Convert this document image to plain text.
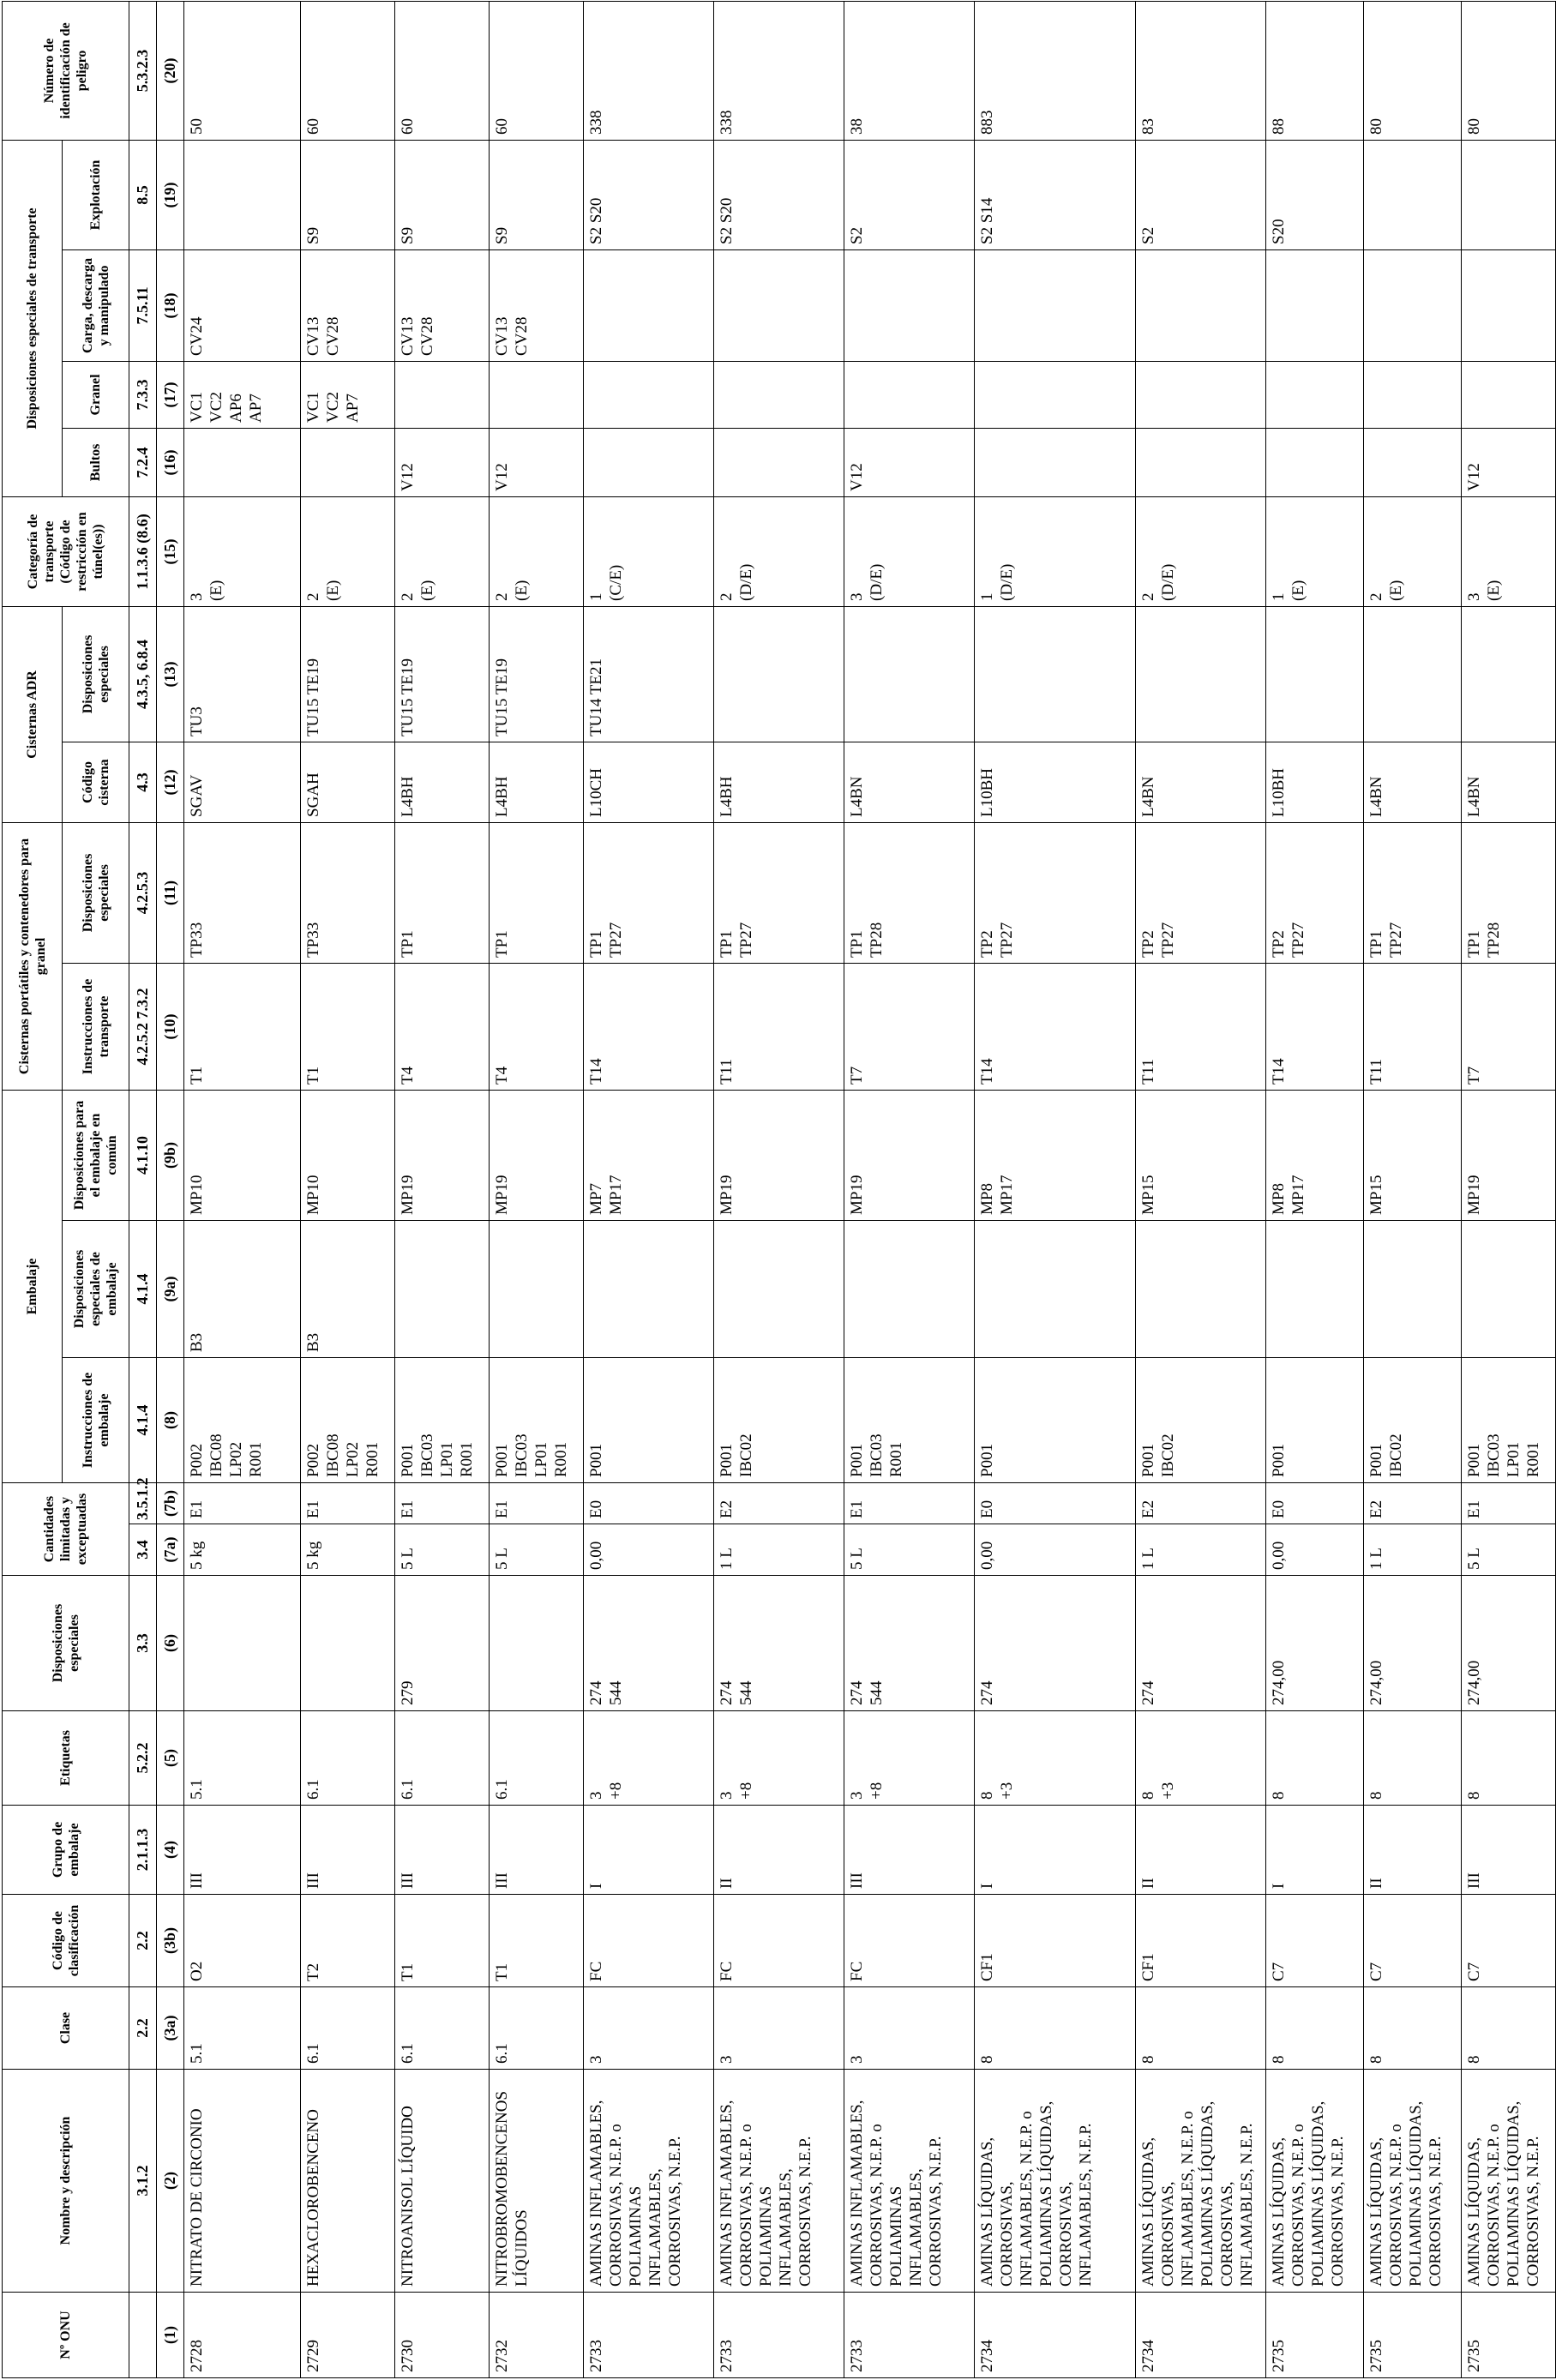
Nº ONU	Nombre y descripción	Clase	Código de clasificación	Grupo de embalaje	Etiquetas	Disposiciones especiales	Cantidades limitadas y exceptuadas		Embalaje			Cisternas portátiles y contenedores para granel		Cisternas ADR		Categoría de transporte (Código de restricción en túnel(es))	Disposiciones especiales de transporte				Número de identificación de peligro
									Instrucciones de embalaje	Disposiciones especiales de embalaje	Disposiciones para el embalaje en común	Instrucciones de transporte	Disposiciones especiales	Código cisterna	Disposiciones especiales		Bultos	Granel	Carga, descarga y manipulado	Explotación	
	3.1.2	2.2	2.2	2.1.1.3	5.2.2	3.3	3.4	3.5.1.2	4.1.4	4.1.4	4.1.10	4.2.5.2 7.3.2	4.2.5.3	4.3	4.3.5, 6.8.4	1.1.3.6 (8.6)	7.2.4	7.3.3	7.5.11	8.5	5.3.2.3
(1)	(2)	(3a)	(3b)	(4)	(5)	(6)	(7a)	(7b)	(8)	(9a)	(9b)	(10)	(11)	(12)	(13)	(15)	(16)	(17)	(18)	(19)	(20)
2728	NITRATO DE CIRCONIO	5.1	O2	III	5.1		5 kg	E1	P002 IBC08 LP02 R001	B3	MP10	T1	TP33	SGAV	TU3	3 (E)		VC1 VC2 AP6 AP7	CV24		50
2729	HEXACLOROBENCENO	6.1	T2	III	6.1		5 kg	E1	P002 IBC08 LP02 R001	B3	MP10	T1	TP33	SGAH	TU15 TE19	2 (E)		VC1 VC2 AP7	CV13 CV28	S9	60
2730	NITROANISOL LÍQUIDO	6.1	T1	III	6.1	279	5 L	E1	P001 IBC03 LP01 R001		MP19	T4	TP1	L4BH	TU15 TE19	2 (E)	V12		CV13 CV28	S9	60
2732	NITROBROMOBENCENOS LÍQUIDOS	6.1	T1	III	6.1		5 L	E1	P001 IBC03 LP01 R001		MP19	T4	TP1	L4BH	TU15 TE19	2 (E)	V12		CV13 CV28	S9	60
2733	AMINAS INFLAMABLES, CORROSIVAS, N.E.P. o POLIAMINAS INFLAMABLES, CORROSIVAS, N.E.P.	3	FC	I	3 +8	274 544	0,00	E0	P001		MP7 MP17	T14	TP1 TP27	L10CH	TU14 TE21	1 (C/E)				S2 S20	338
2733	AMINAS INFLAMABLES, CORROSIVAS, N.E.P. o POLIAMINAS INFLAMABLES, CORROSIVAS, N.E.P.	3	FC	II	3 +8	274 544	1 L	E2	P001 IBC02		MP19	T11	TP1 TP27	L4BH		2 (D/E)				S2 S20	338
2733	AMINAS INFLAMABLES, CORROSIVAS, N.E.P. o POLIAMINAS INFLAMABLES, CORROSIVAS, N.E.P.	3	FC	III	3 +8	274 544	5 L	E1	P001 IBC03 R001		MP19	T7	TP1 TP28	L4BN		3 (D/E)	V12			S2	38
2734	AMINAS LÍQUIDAS, CORROSIVAS, INFLAMABLES, N.E.P. o POLIAMINAS LÍQUIDAS, CORROSIVAS, INFLAMABLES, N.E.P.	8	CF1	I	8 +3	274	0,00	E0	P001		MP8 MP17	T14	TP2 TP27	L10BH		1 (D/E)				S2 S14	883
2734	AMINAS LÍQUIDAS, CORROSIVAS, INFLAMABLES, N.E.P. o POLIAMINAS LÍQUIDAS, CORROSIVAS, INFLAMABLES, N.E.P.	8	CF1	II	8 +3	274	1 L	E2	P001 IBC02		MP15	T11	TP2 TP27	L4BN		2 (D/E)				S2	83
2735	AMINAS LÍQUIDAS, CORROSIVAS, N.E.P. o POLIAMINAS LÍQUIDAS, CORROSIVAS, N.E.P.	8	C7	I	8	274,00	0,00	E0	P001		MP8 MP17	T14	TP2 TP27	L10BH		1 (E)				S20	88
2735	AMINAS LÍQUIDAS, CORROSIVAS, N.E.P. o POLIAMINAS LÍQUIDAS, CORROSIVAS, N.E.P.	8	C7	II	8	274,00	1 L	E2	P001 IBC02		MP15	T11	TP1 TP27	L4BN		2 (E)					80
2735	AMINAS LÍQUIDAS, CORROSIVAS, N.E.P. o POLIAMINAS LÍQUIDAS, CORROSIVAS, N.E.P.	8	C7	III	8	274,00	5 L	E1	P001 IBC03 LP01 R001		MP19	T7	TP1 TP28	L4BN		3 (E)	V12				80
